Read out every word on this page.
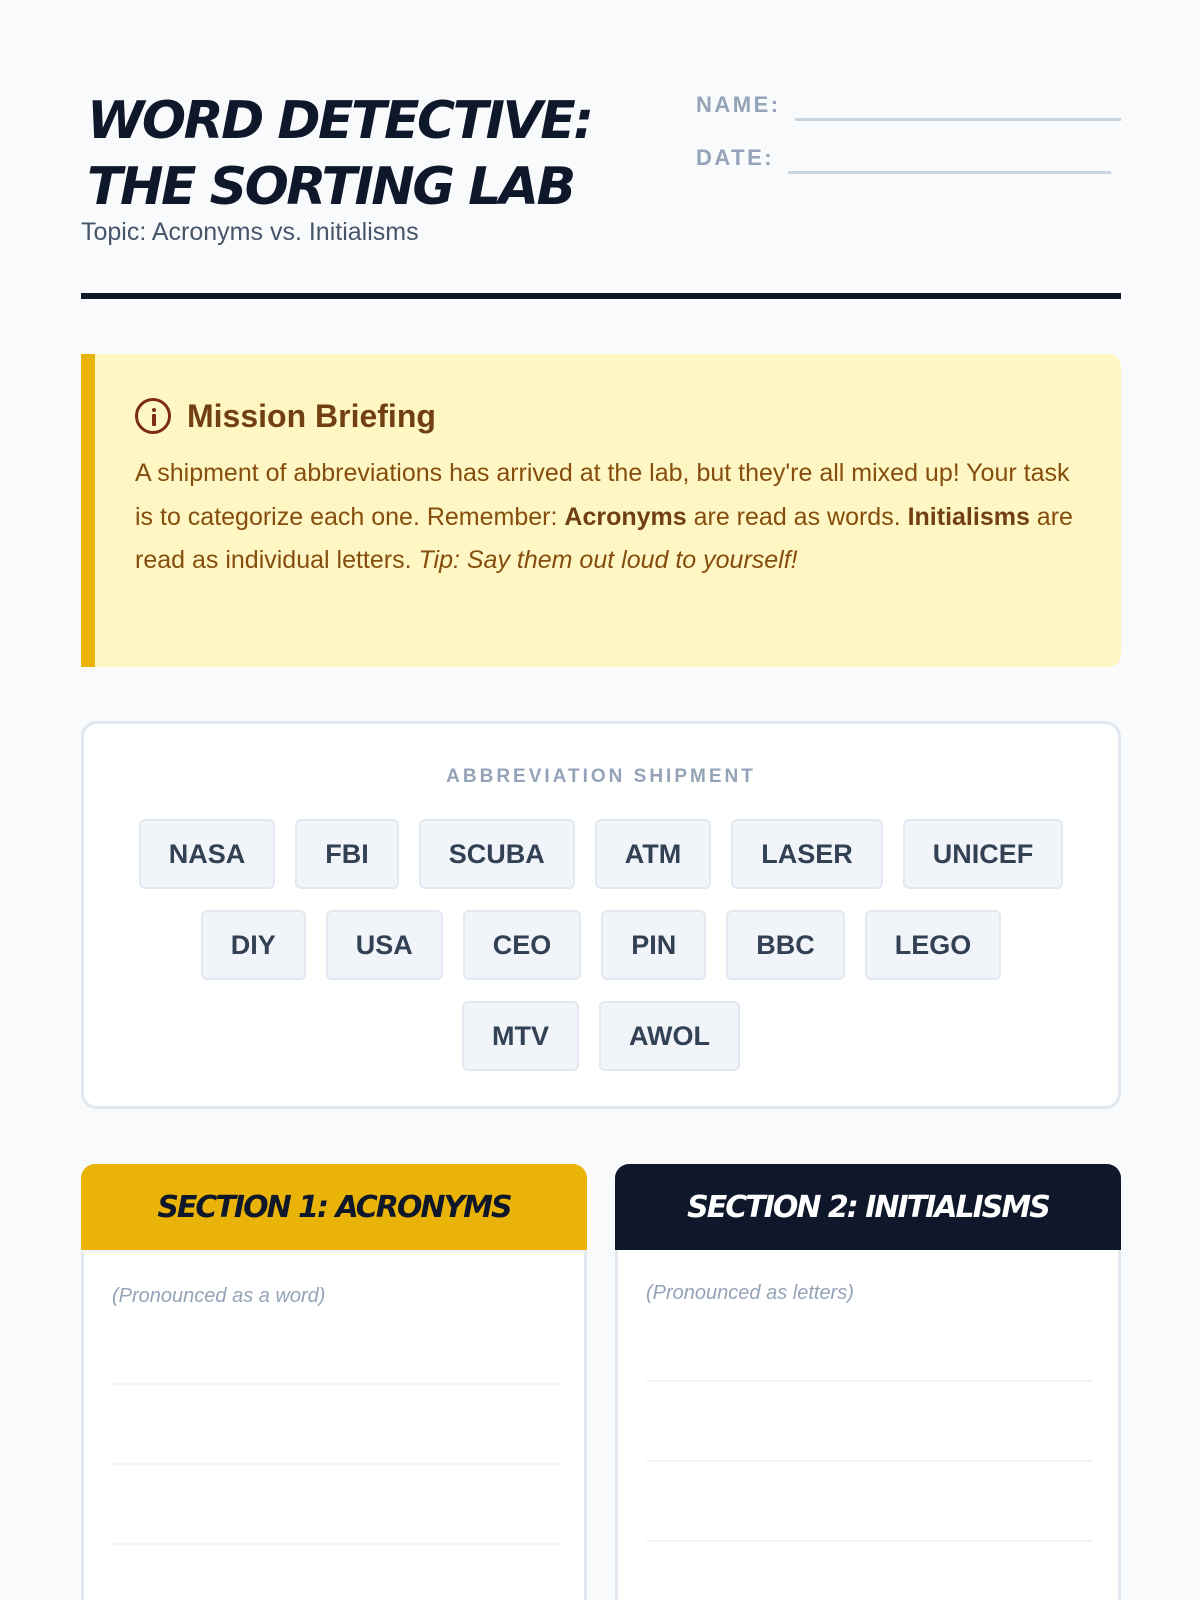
WORD DETECTIVE:
THE SORTING LAB
Topic: Acronyms vs. Initialisms
NAME:
DATE:
Mission Briefing

A shipment of abbreviations has arrived at the lab, but they're all mixed up! Your task is to categorize each one. Remember: Acronyms are read as words. Initialisms are read as individual letters. Tip: Say them out loud to yourself!

ABBREVIATION SHIPMENT
NASA	FBI	SCUBA	ATM	LASER	UNICEF
DIY	USA	CEO	PIN	BBC	LEGO
MTV	AWOL
SECTION 1: ACRONYMS
(Pronounced as a word)
SECTION 2: INITIALISMS
(Pronounced as letters)
